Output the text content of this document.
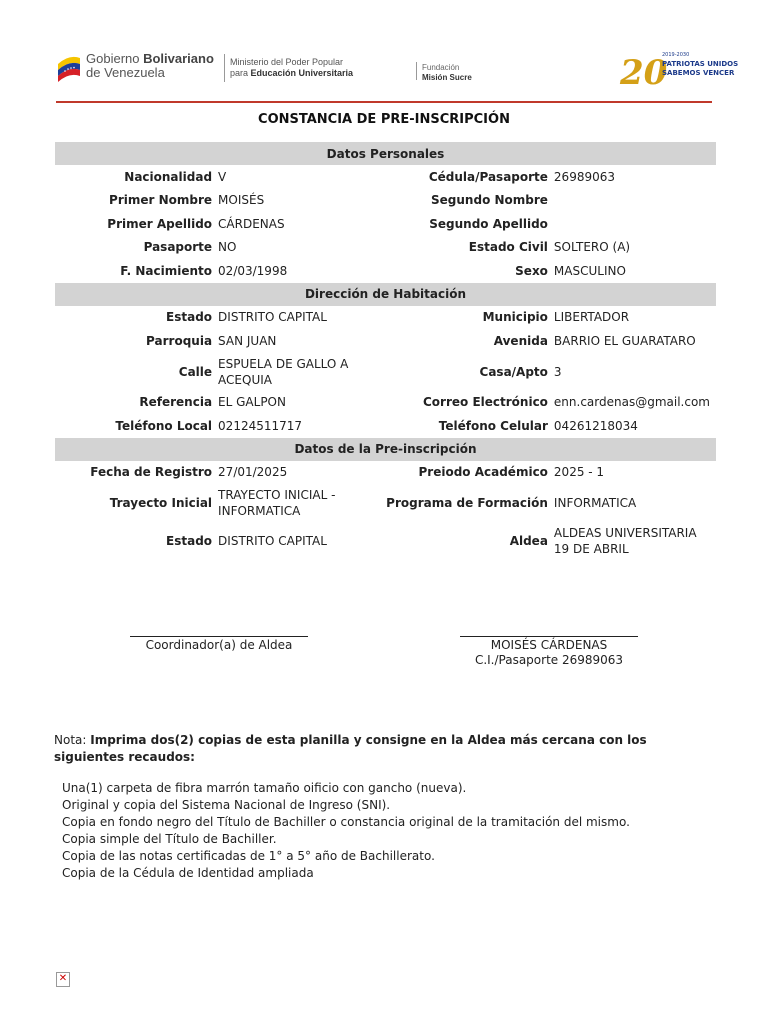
Gobierno Bolivariano
de Venezuela
Ministerio del Poder Popular
para Educación Universitaria
Fundación
Misión Sucre	20
2019-2030
PATRIOTAS UNIDOS
SABEMOS VENCER
CONSTANCIA DE PRE-INSCRIPCIÓN
Datos Personales			
Nacionalidad	V	Cédula/Pasaporte	26989063
Primer Nombre	MOISÉS	Segundo Nombre	
Primer Apellido	CÁRDENAS	Segundo Apellido	
Pasaporte	NO	Estado Civil	SOLTERO (A)
F. Nacimiento	02/03/1998	Sexo	MASCULINO
Dirección de Habitación			
Estado	DISTRITO CAPITAL	Municipio	LIBERTADOR
Parroquia	SAN JUAN	Avenida	BARRIO EL GUARATARO
Calle	ESPUELA DE GALLO A ACEQUIA	Casa/Apto	3
Referencia	EL GALPON	Correo Electrónico	enn.cardenas@gmail.com
Teléfono Local	02124511717	Teléfono Celular	04261218034
Datos de la Pre-inscripción			
Fecha de Registro	27/01/2025	Preiodo Académico	2025 - 1
Trayecto Inicial	TRAYECTO INICIAL - INFORMATICA	Programa de Formación	INFORMATICA
Estado	DISTRITO CAPITAL	Aldea	ALDEAS UNIVERSITARIA 19 DE ABRIL
Coordinador(a) de Aldea	MOISÉS CÁRDENAS
C.I./Pasaporte 26989063
Nota: Imprima dos(2) copias de esta planilla y consigne en la Aldea más cercana con los siguientes recaudos:
Una(1) carpeta de fibra marrón tamaño oificio con gancho (nueva).
Original y copia del Sistema Nacional de Ingreso (SNI).
Copia en fondo negro del Título de Bachiller o constancia original de la tramitación del mismo.
Copia simple del Título de Bachiller.
Copia de las notas certificadas de 1° a 5° año de Bachillerato.
Copia de la Cédula de Identidad ampliada
✕
